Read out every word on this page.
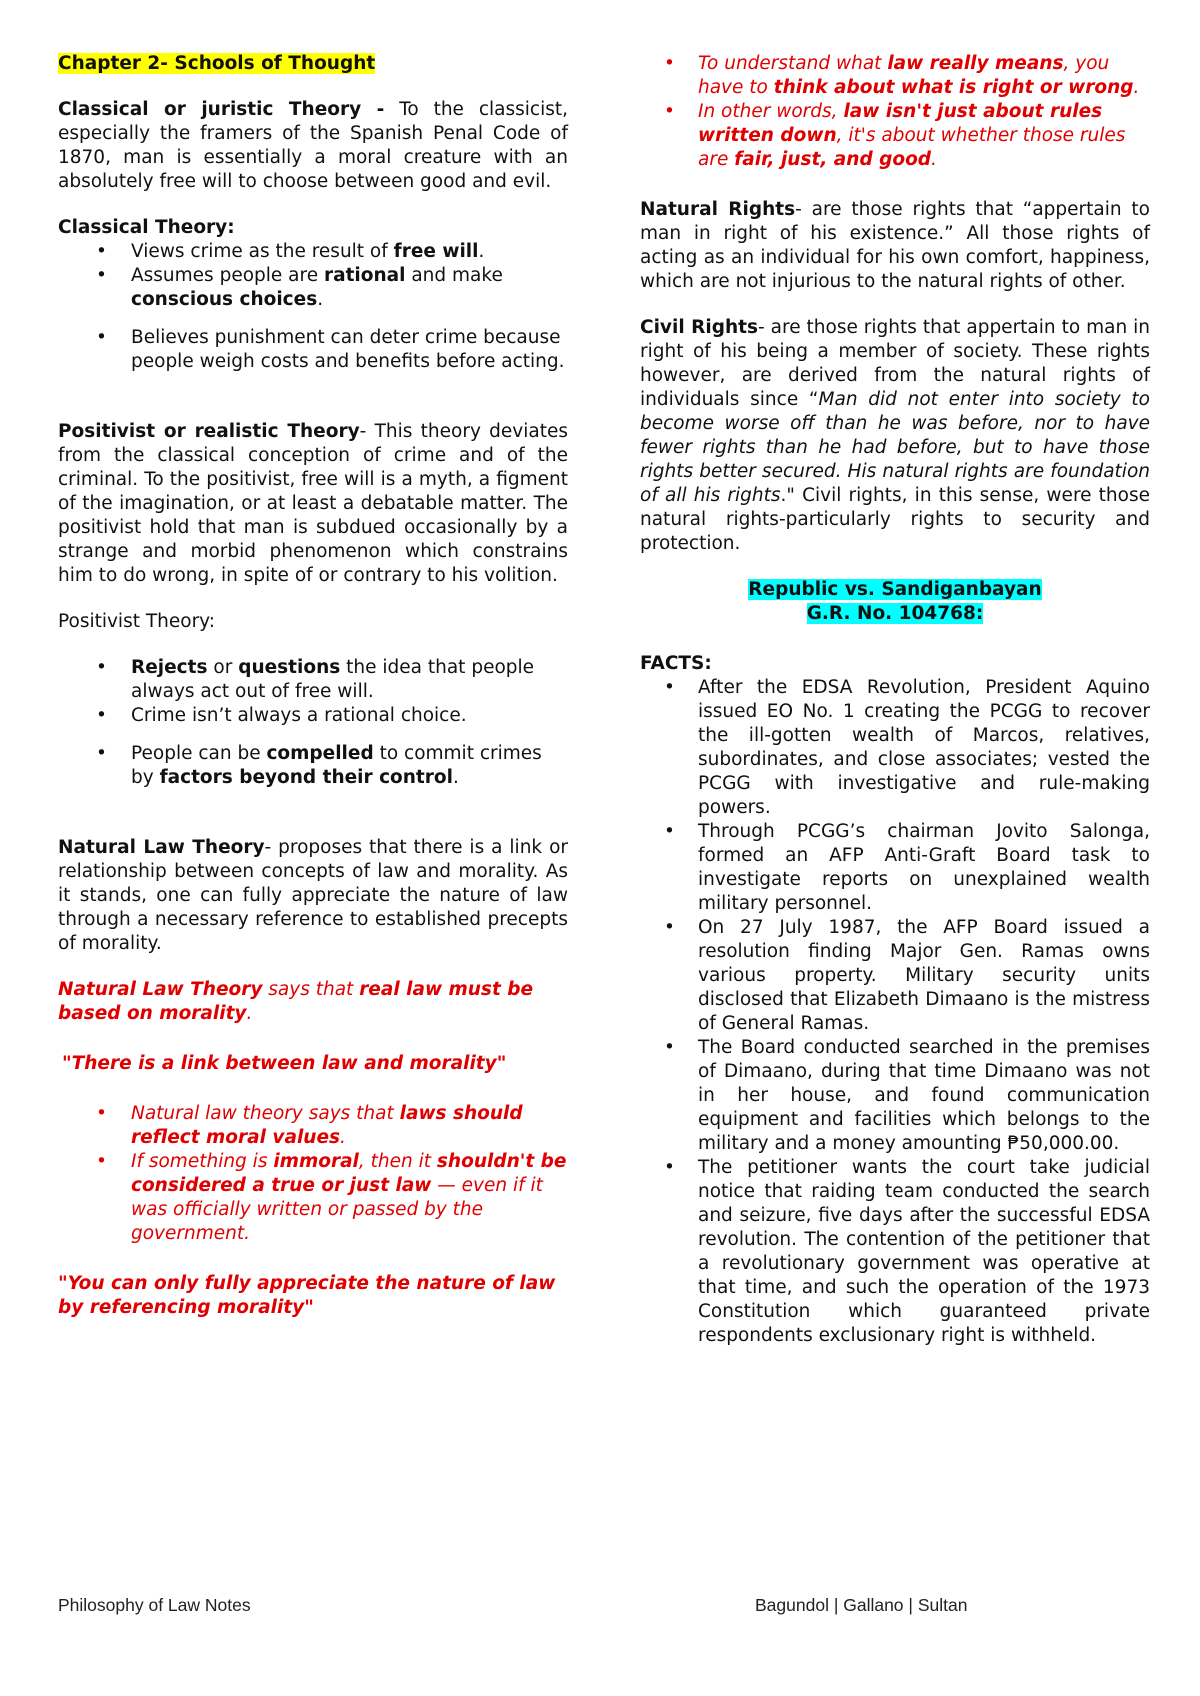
Chapter 2- Schools of Thought

Classical or juristic Theory - To the classicist, especially the framers of the Spanish Penal Code of 1870, man is essentially a moral creature with an absolutely free will to choose between good and evil.

Classical Theory:

• Views crime as the result of free will.
• Assumes people are rational and make conscious choices.
• Believes punishment can deter crime because people weigh costs and benefits before acting.

Positivist or realistic Theory- This theory deviates from the classical conception of crime and of the criminal. To the positivist, free will is a myth, a figment of the imagination, or at least a debatable matter. The positivist hold that man is subdued occasionally by a strange and morbid phenomenon which constrains him to do wrong, in spite of or contrary to his volition.

Positivist Theory:

• Rejects or questions the idea that people always act out of free will.
• Crime isn’t always a rational choice.
• People can be compelled to commit crimes by factors beyond their control.

Natural Law Theory- proposes that there is a link or relationship between concepts of law and morality. As it stands, one can fully appreciate the nature of law through a necessary reference to established precepts of morality.

Natural Law Theory says that real law must be based on morality.

"There is a link between law and morality"

• Natural law theory says that laws should reflect moral values.
• If something is immoral, then it shouldn't be considered a true or just law — even if it was officially written or passed by the government.

"You can only fully appreciate the nature of law by referencing morality"

• To understand what law really means, you have to think about what is right or wrong.
• In other words, law isn't just about rules written down, it's about whether those rules are fair, just, and good.

Natural Rights- are those rights that “appertain to man in right of his existence.” All those rights of acting as an individual for his own comfort, happiness, which are not injurious to the natural rights of other.

Civil Rights- are those rights that appertain to man in right of his being a member of society. These rights however, are derived from the natural rights of individuals since “Man did not enter into society to become worse off than he was before, nor to have fewer rights than he had before, but to have those rights better secured. His natural rights are foundation of all his rights." Civil rights, in this sense, were those natural rights-particularly rights to security and protection.

Republic vs. Sandiganbayan

G.R. No. 104768:

FACTS:

• After the EDSA Revolution, President Aquino issued EO No. 1 creating the PCGG to recover the ill-gotten wealth of Marcos, relatives, subordinates, and close associates; vested the PCGG with investigative and rule-making powers.
• Through PCGG’s chairman Jovito Salonga, formed an AFP Anti-Graft Board task to investigate reports on unexplained wealth military personnel.
• On 27 July 1987, the AFP Board issued a resolution finding Major Gen. Ramas owns various property. Military security units disclosed that Elizabeth Dimaano is the mistress of General Ramas.
• The Board conducted searched in the premises of Dimaano, during that time Dimaano was not in her house, and found communication equipment and facilities which belongs to the military and a money amounting ₱50,000.00.
• The petitioner wants the court take judicial notice that raiding team conducted the search and seizure, five days after the successful EDSA revolution. The contention of the petitioner that a revolutionary government was operative at that time, and such the operation of the 1973 Constitution which guaranteed private respondents exclusionary right is withheld.
Philosophy of Law Notes	Bagundol | Gallano | Sultan
